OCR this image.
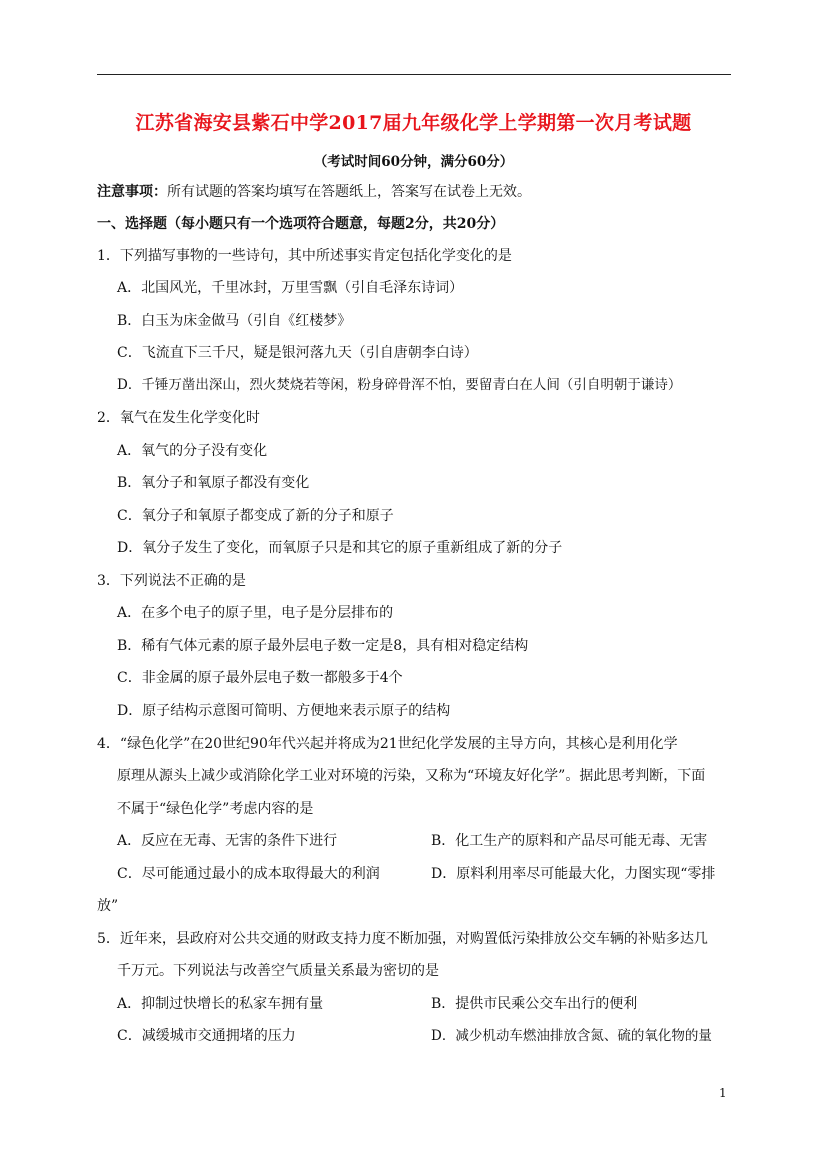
江苏省海安县紫石中学2017届九年级化学上学期第一次月考试题
（考试时间60分钟，满分60分）
注意事项：所有试题的答案均填写在答题纸上，答案写在试卷上无效。
一、选择题（每小题只有一个选项符合题意，每题2分，共20分）
1．下列描写事物的一些诗句，其中所述事实肯定包括化学变化的是
A．北国风光，千里冰封，万里雪飘（引自毛泽东诗词）
B．白玉为床金做马（引自《红楼梦》
C．飞流直下三千尺，疑是银河落九天（引自唐朝李白诗）
D．千锤万凿出深山，烈火焚烧若等闲，粉身碎骨浑不怕，要留青白在人间（引自明朝于谦诗）
2．氧气在发生化学变化时
A．氧气的分子没有变化
B．氧分子和氧原子都没有变化
C．氧分子和氧原子都变成了新的分子和原子
D．氧分子发生了变化，而氧原子只是和其它的原子重新组成了新的分子
3．下列说法不正确的是
A．在多个电子的原子里，电子是分层排布的
B．稀有气体元素的原子最外层电子数一定是8，具有相对稳定结构
C．非金属的原子最外层电子数一都般多于4个
D．原子结构示意图可简明、方便地来表示原子的结构
4．“绿色化学”在20世纪90年代兴起并将成为21世纪化学发展的主导方向，其核心是利用化学
原理从源头上减少或消除化学工业对环境的污染，又称为“环境友好化学”。据此思考判断，下面
不属于“绿色化学”考虑内容的是
A．反应在无毒、无害的条件下进行	B．化工生产的原料和产品尽可能无毒、无害
C．尽可能通过最小的成本取得最大的利润	D．原料利用率尽可能最大化，力图实现“零排
放”
5．近年来，县政府对公共交通的财政支持力度不断加强，对购置低污染排放公交车辆的补贴多达几
千万元。下列说法与改善空气质量关系最为密切的是
A．抑制过快增长的私家车拥有量	B．提供市民乘公交车出行的便利
C．减缓城市交通拥堵的压力	D．减少机动车燃油排放含氮、硫的氧化物的量
1
